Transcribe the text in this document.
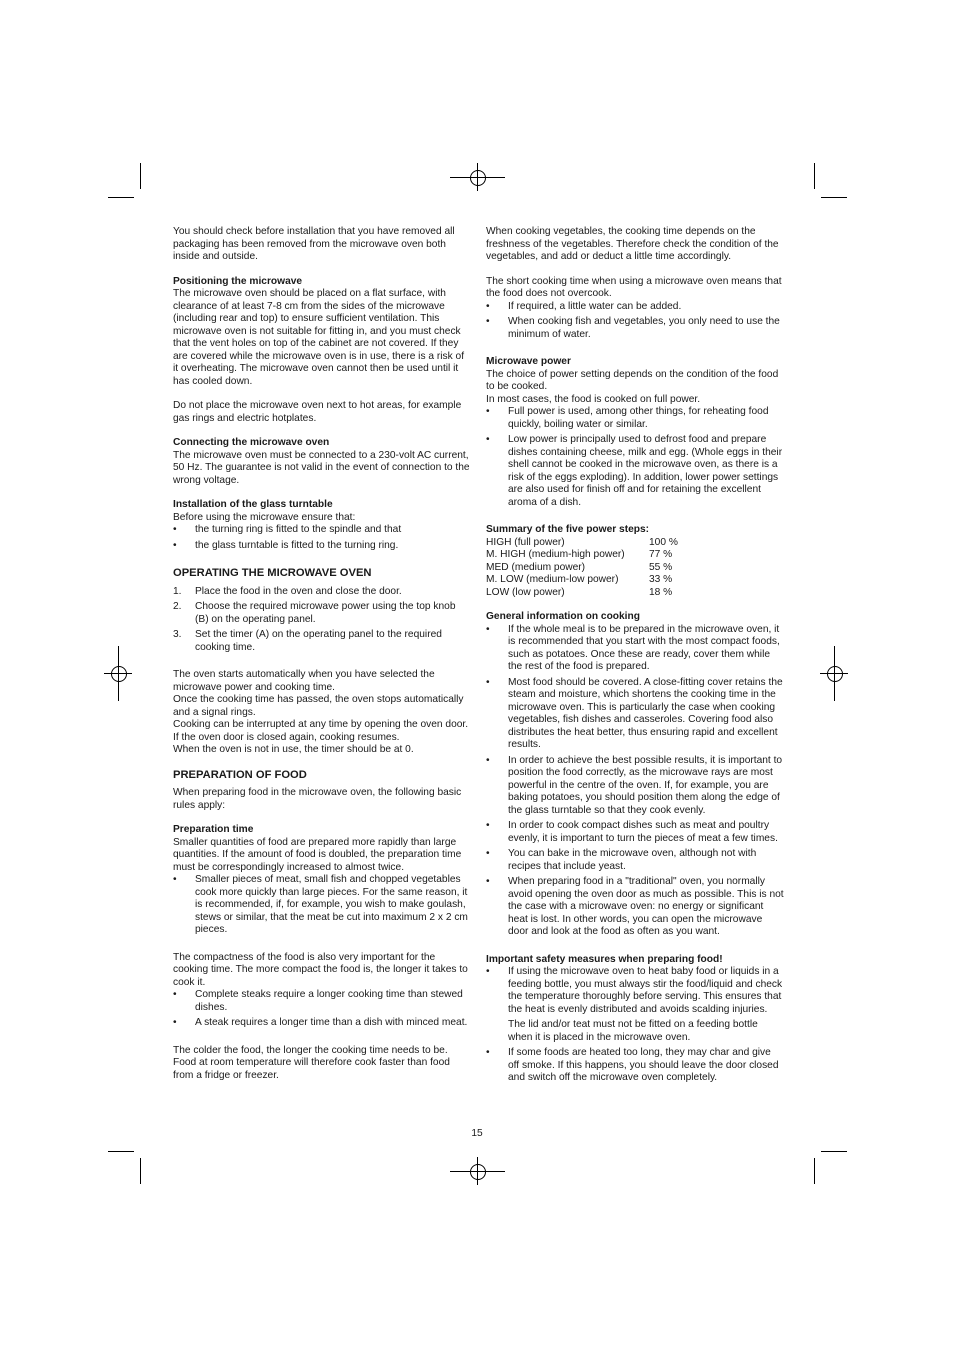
You should check before installation that you have removed all packaging has been removed from the microwave oven both inside and outside.

Positioning the microwave

The microwave oven should be placed on a flat surface, with clearance of at least 7-8 cm from the sides of the microwave (including rear and top) to ensure sufficient ventilation. This microwave oven is not suitable for fitting in, and you must check that the vent holes on top of the cabinet are not covered. If they are covered while the microwave oven is in use, there is a risk of it overheating. The microwave oven cannot then be used until it has cooled down.

Do not place the microwave oven next to hot areas, for example gas rings and electric hotplates.

Connecting the microwave oven

The microwave oven must be connected to a 230-volt AC current, 50 Hz. The guarantee is not valid in the event of connection to the wrong voltage.

Installation of the glass turntable

Before using the microwave ensure that:

• the turning ring is fitted to the spindle and that
• the glass turntable is fitted to the turning ring.

OPERATING THE MICROWAVE OVEN

1. Place the food in the oven and close the door.
2. Choose the required microwave power using the top knob (B) on the operating panel.
3. Set the timer (A) on the operating panel to the required cooking time.

The oven starts automatically when you have selected the microwave power and cooking time.

Once the cooking time has passed, the oven stops automatically and a signal rings.

Cooking can be interrupted at any time by opening the oven door. If the oven door is closed again, cooking resumes.

When the oven is not in use, the timer should be at 0.

PREPARATION OF FOOD

When preparing food in the microwave oven, the following basic rules apply:

Preparation time

Smaller quantities of food are prepared more rapidly than large quantities. If the amount of food is doubled, the preparation time must be correspondingly increased to almost twice.

• Smaller pieces of meat, small fish and chopped vegetables cook more quickly than large pieces. For the same reason, it is recommended, if, for example, you wish to make goulash, stews or similar, that the meat be cut into maximum 2 x 2 cm pieces.

The compactness of the food is also very important for the cooking time. The more compact the food is, the longer it takes to cook it.

• Complete steaks require a longer cooking time than stewed dishes.
• A steak requires a longer time than a dish with minced meat.

The colder the food, the longer the cooking time needs to be. Food at room temperature will therefore cook faster than food from a fridge or freezer.

When cooking vegetables, the cooking time depends on the freshness of the vegetables. Therefore check the condition of the vegetables, and add or deduct a little time accordingly.

The short cooking time when using a microwave oven means that the food does not overcook.

• If required, a little water can be added.
• When cooking fish and vegetables, you only need to use the minimum of water.

Microwave power

The choice of power setting depends on the condition of the food to be cooked.

In most cases, the food is cooked on full power.

• Full power is used, among other things, for reheating food quickly, boiling water or similar.
• Low power is principally used to defrost food and prepare dishes containing cheese, milk and egg. (Whole eggs in their shell cannot be cooked in the microwave oven, as there is a risk of the eggs exploding). In addition, lower power settings are also used for finish off and for retaining the excellent aroma of a dish.

Summary of the five power steps:

HIGH (full power)	100 %
M. HIGH (medium-high power)	77 %
MED (medium power)	55 %
M. LOW (medium-low power)	33 %
LOW (low power)	18 %

General information on cooking

• If the whole meal is to be prepared in the microwave oven, it is recommended that you start with the most compact foods, such as potatoes. Once these are ready, cover them while the rest of the food is prepared.
• Most food should be covered. A close-fitting cover retains the steam and moisture, which shortens the cooking time in the microwave oven. This is particularly the case when cooking vegetables, fish dishes and casseroles. Covering food also distributes the heat better, thus ensuring rapid and excellent results.
• In order to achieve the best possible results, it is important to position the food correctly, as the microwave rays are most powerful in the centre of the oven. If, for example, you are baking potatoes, you should position them along the edge of the glass turntable so that they cook evenly.
• In order to cook compact dishes such as meat and poultry evenly, it is important to turn the pieces of meat a few times.
• You can bake in the microwave oven, although not with recipes that include yeast.
• When preparing food in a "traditional" oven, you normally avoid opening the oven door as much as possible. This is not the case with a microwave oven: no energy or significant heat is lost. In other words, you can open the microwave door and look at the food as often as you want.

Important safety measures when preparing food!

• If using the microwave oven to heat baby food or liquids in a feeding bottle, you must always stir the food/liquid and check the temperature thoroughly before serving. This ensures that the heat is evenly distributed and avoids scalding injuries.

The lid and/or teat must not be fitted on a feeding bottle when it is placed in the microwave oven.

• If some foods are heated too long, they may char and give off smoke. If this happens, you should leave the door closed and switch off the microwave oven completely.
15
